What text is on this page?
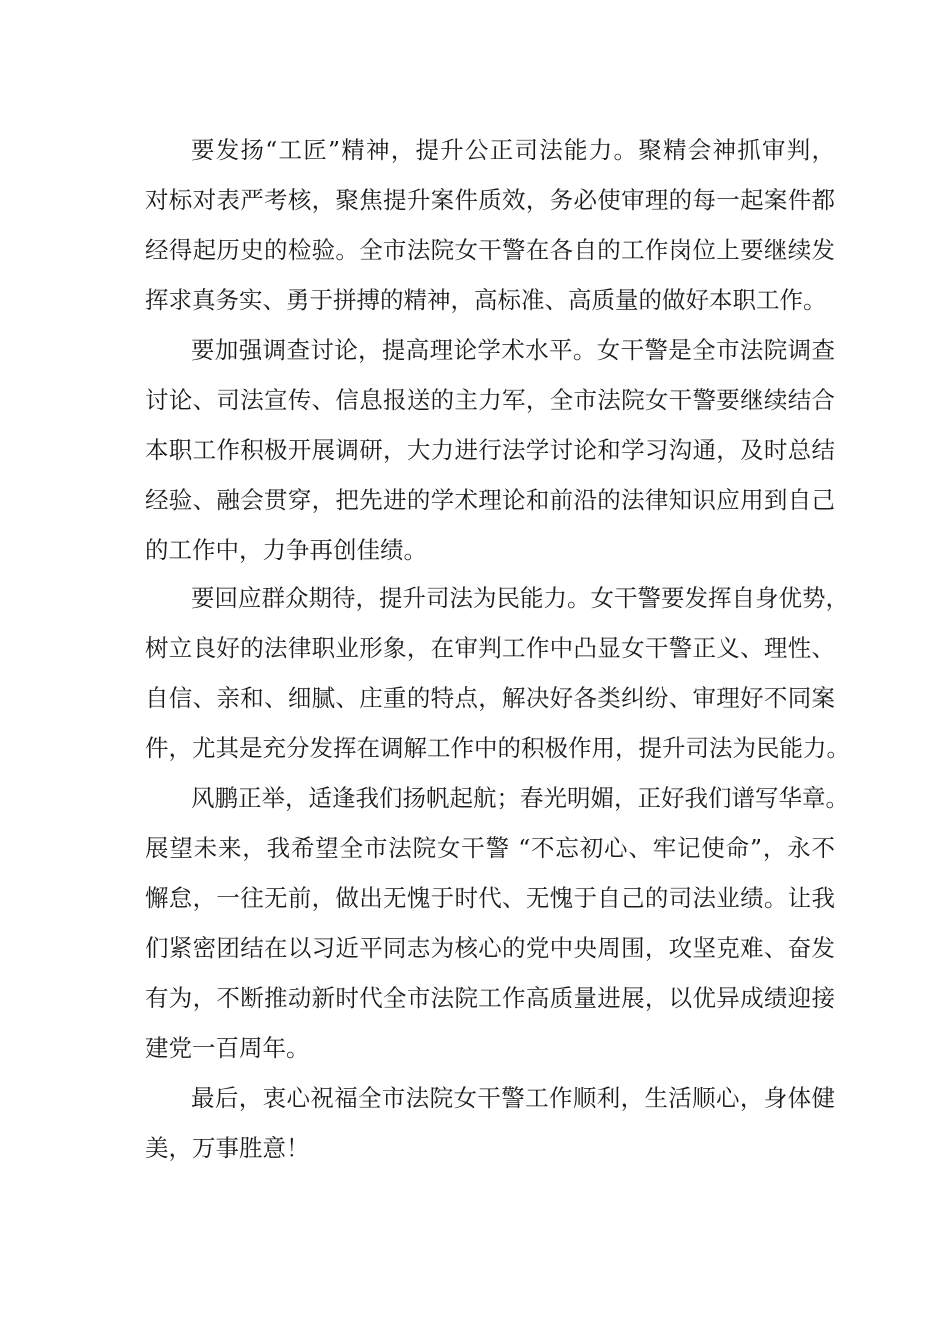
要发扬“工匠”精神，提升公正司法能力。聚精会神抓审判，
对标对表严考核，聚焦提升案件质效，务必使审理的每一起案件都
经得起历史的检验。全市法院女干警在各自的工作岗位上要继续发
挥求真务实、勇于拼搏的精神，高标准、高质量的做好本职工作。
要加强调查讨论，提高理论学术水平。女干警是全市法院调查
讨论、司法宣传、信息报送的主力军，全市法院女干警要继续结合
本职工作积极开展调研，大力进行法学讨论和学习沟通，及时总结
经验、融会贯穿，把先进的学术理论和前沿的法律知识应用到自己
的工作中，力争再创佳绩。
要回应群众期待，提升司法为民能力。女干警要发挥自身优势，
树立良好的法律职业形象，在审判工作中凸显女干警正义、理性、
自信、亲和、细腻、庄重的特点，解决好各类纠纷、审理好不同案
件，尤其是充分发挥在调解工作中的积极作用，提升司法为民能力。
风鹏正举，适逢我们扬帆起航；春光明媚，正好我们谱写华章。
展望未来，我希望全市法院女干警 “不忘初心、牢记使命”，永不
懈怠，一往无前，做出无愧于时代、无愧于自己的司法业绩。让我
们紧密团结在以习近平同志为核心的党中央周围，攻坚克难、奋发
有为，不断推动新时代全市法院工作高质量进展，以优异成绩迎接
建党一百周年。
最后，衷心祝福全市法院女干警工作顺利，生活顺心，身体健
美，万事胜意！
